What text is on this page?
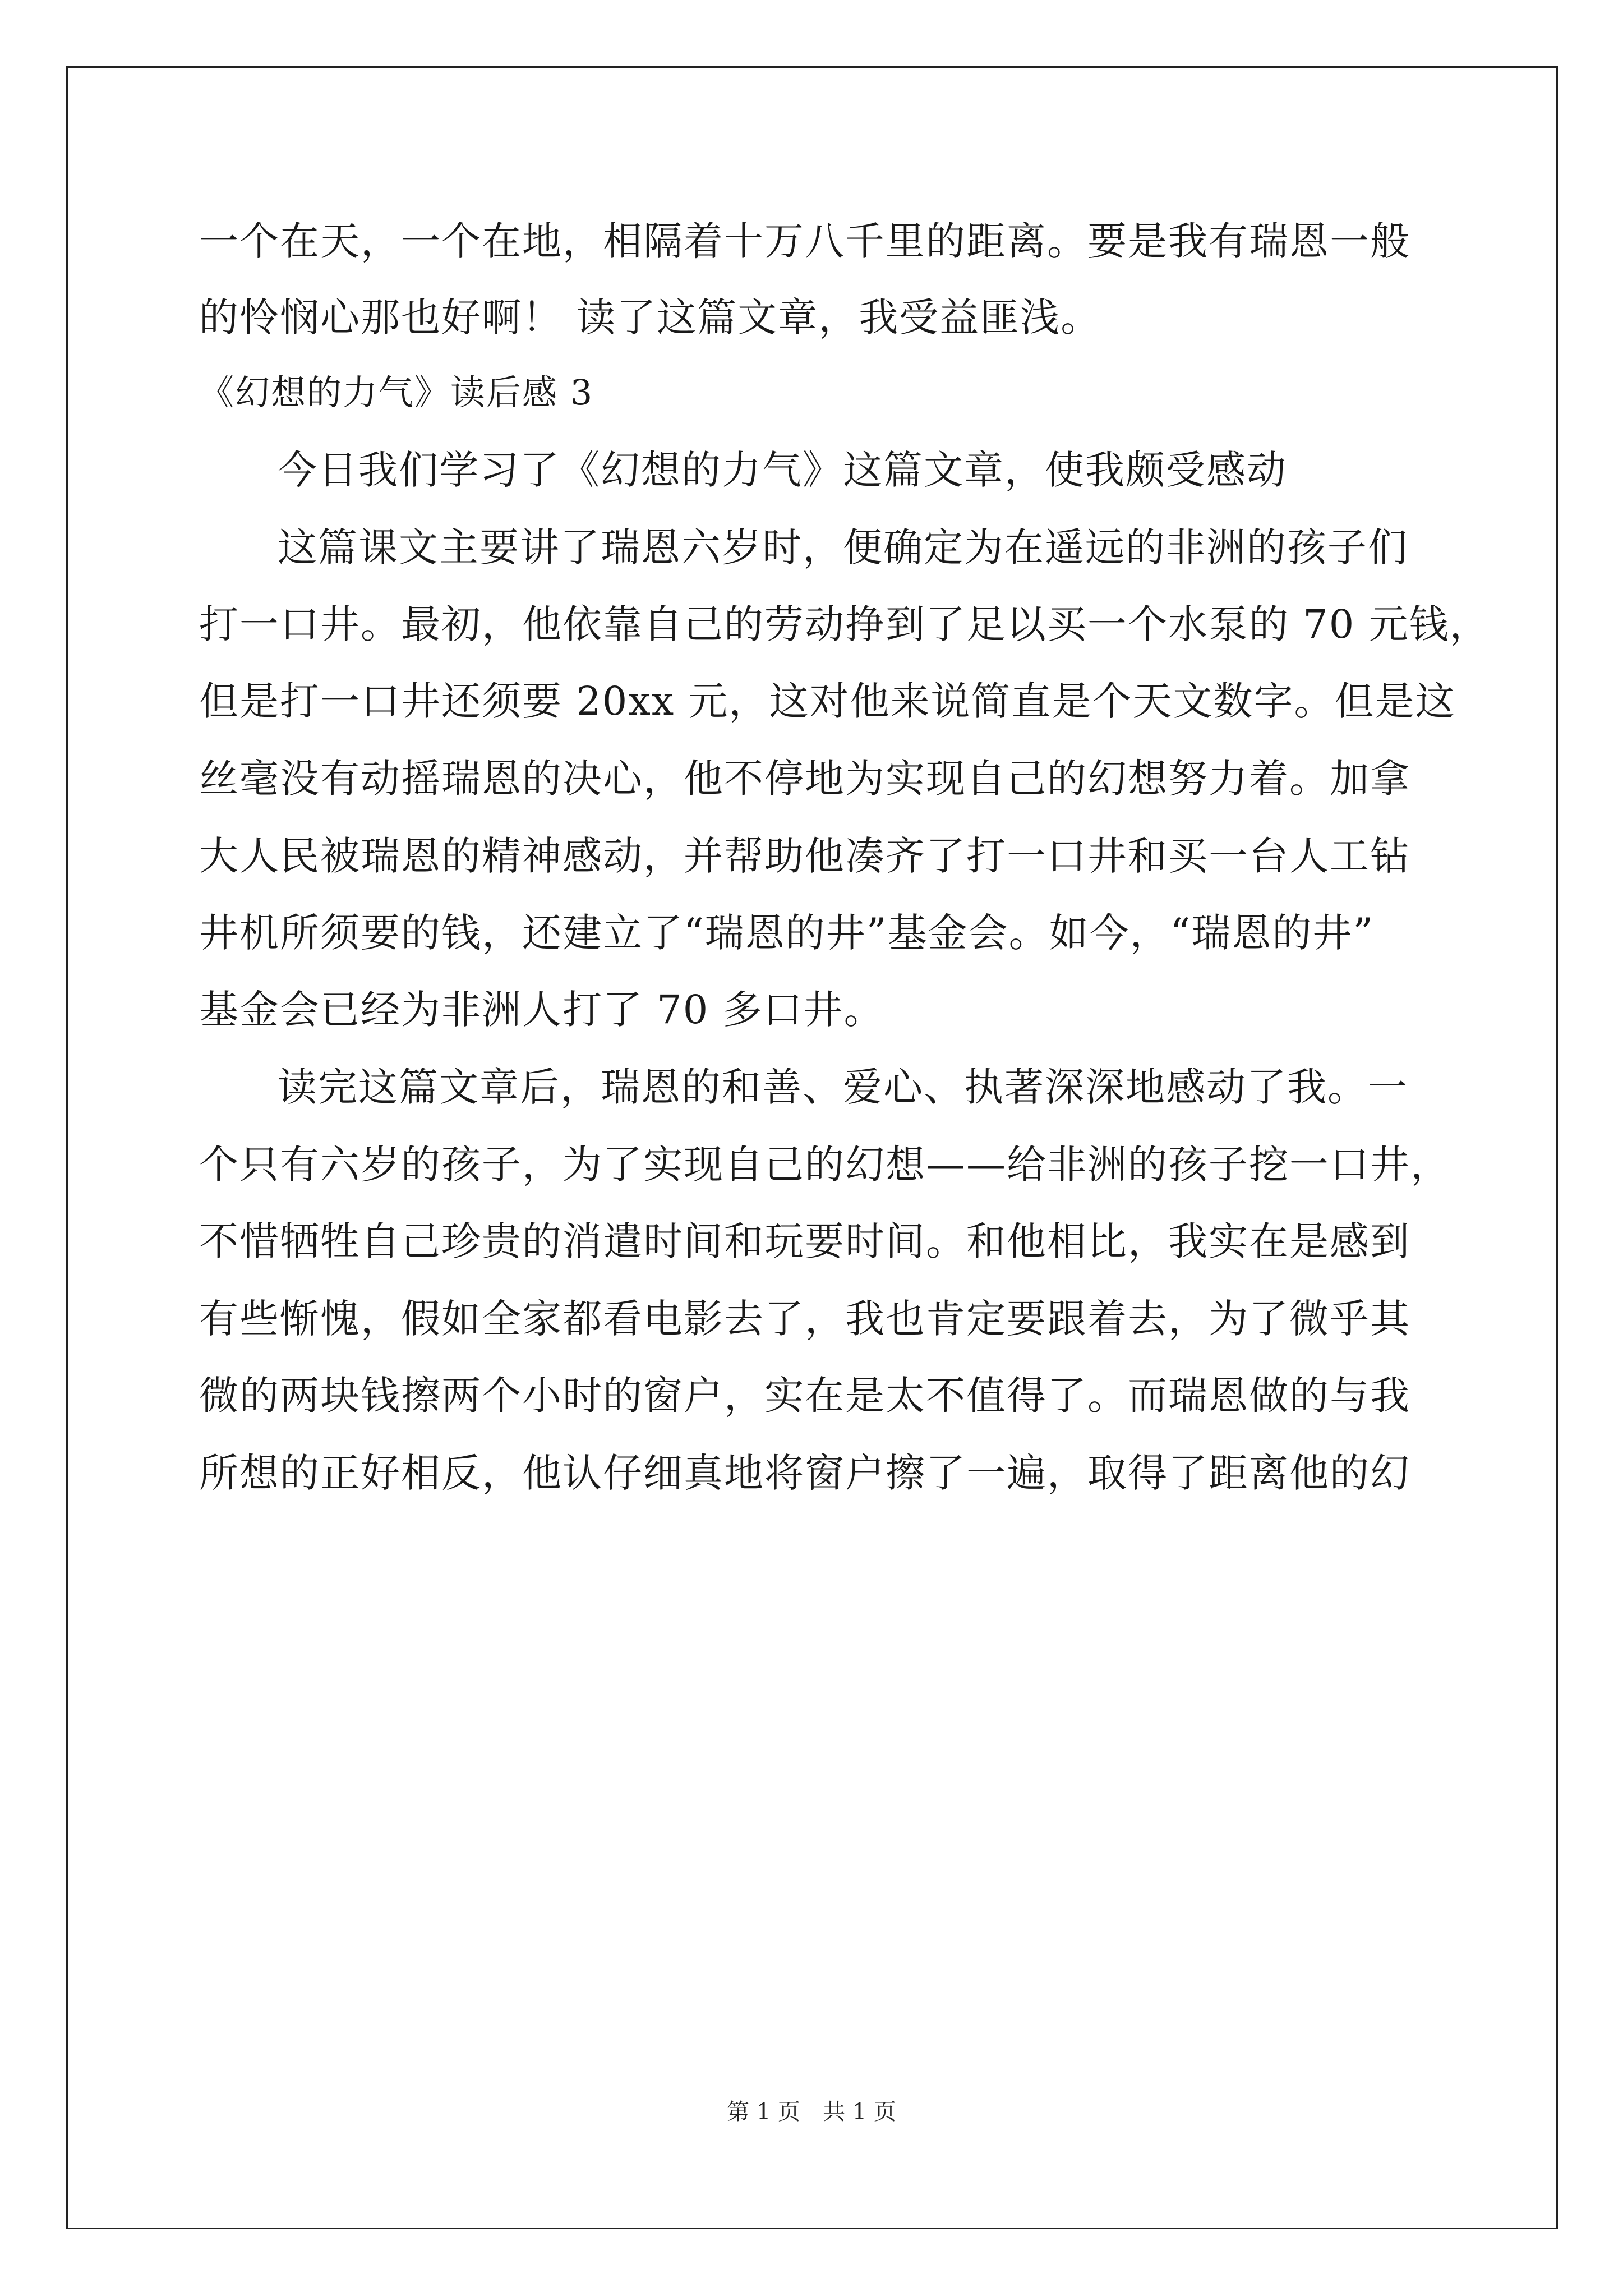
一个在天，一个在地，相隔着十万八千里的距离。要是我有瑞恩一般
的怜悯心那也好啊！ 读了这篇文章，我受益匪浅。
《幻想的力气》读后感 3
今日我们学习了《幻想的力气》这篇文章，使我颇受感动
这篇课文主要讲了瑞恩六岁时，便确定为在遥远的非洲的孩子们
打一口井。最初，他依靠自己的劳动挣到了足以买一个水泵的 70 元钱，
但是打一口井还须要 20xx 元，这对他来说简直是个天文数字。但是这
丝毫没有动摇瑞恩的决心，他不停地为实现自己的幻想努力着。加拿
大人民被瑞恩的精神感动，并帮助他凑齐了打一口井和买一台人工钻
井机所须要的钱，还建立了“瑞恩的井”基金会。如今，“瑞恩的井”
基金会已经为非洲人打了 70 多口井。
读完这篇文章后，瑞恩的和善、爱心、执著深深地感动了我。一
个只有六岁的孩子，为了实现自己的幻想——给非洲的孩子挖一口井，
不惜牺牲自己珍贵的消遣时间和玩要时间。和他相比，我实在是感到
有些惭愧，假如全家都看电影去了，我也肯定要跟着去，为了微乎其
微的两块钱擦两个小时的窗户，实在是太不值得了。而瑞恩做的与我
所想的正好相反，他认仔细真地将窗户擦了一遍，取得了距离他的幻
第 1 页　共 1 页
